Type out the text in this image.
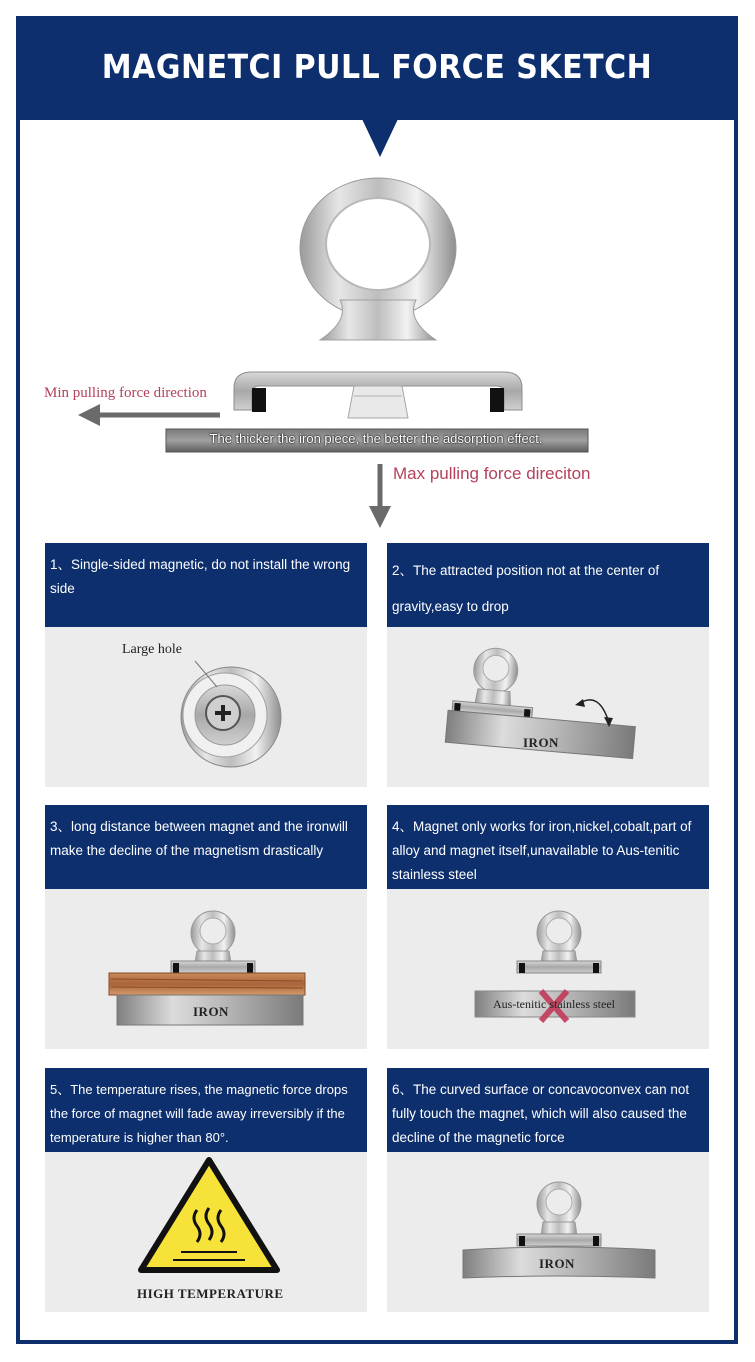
MAGNETCI PULL FORCE SKETCH
Min pulling force direction
The thicker the iron piece, the better the adsorption effect.
Max pulling force direciton
1、Single-sided magnetic, do not install the wrong side
Large hole
2、The attracted position not at the center of gravity,easy to drop
IRON
3、long distance between magnet and the ironwill make the decline of the magnetism drastically
IRON
4、Magnet only works for iron,nickel,cobalt,part of alloy and magnet itself,unavailable to Aus-tenitic stainless steel
Aus-tenitic stainless steel
5、The temperature rises, the magnetic force drops the force of magnet will fade away irreversibly if the temperature is higher than 80°.
HIGH TEMPERATURE
6、The curved surface or concavoconvex can not fully touch the magnet, which will also caused the decline of the magnetic force
IRON
